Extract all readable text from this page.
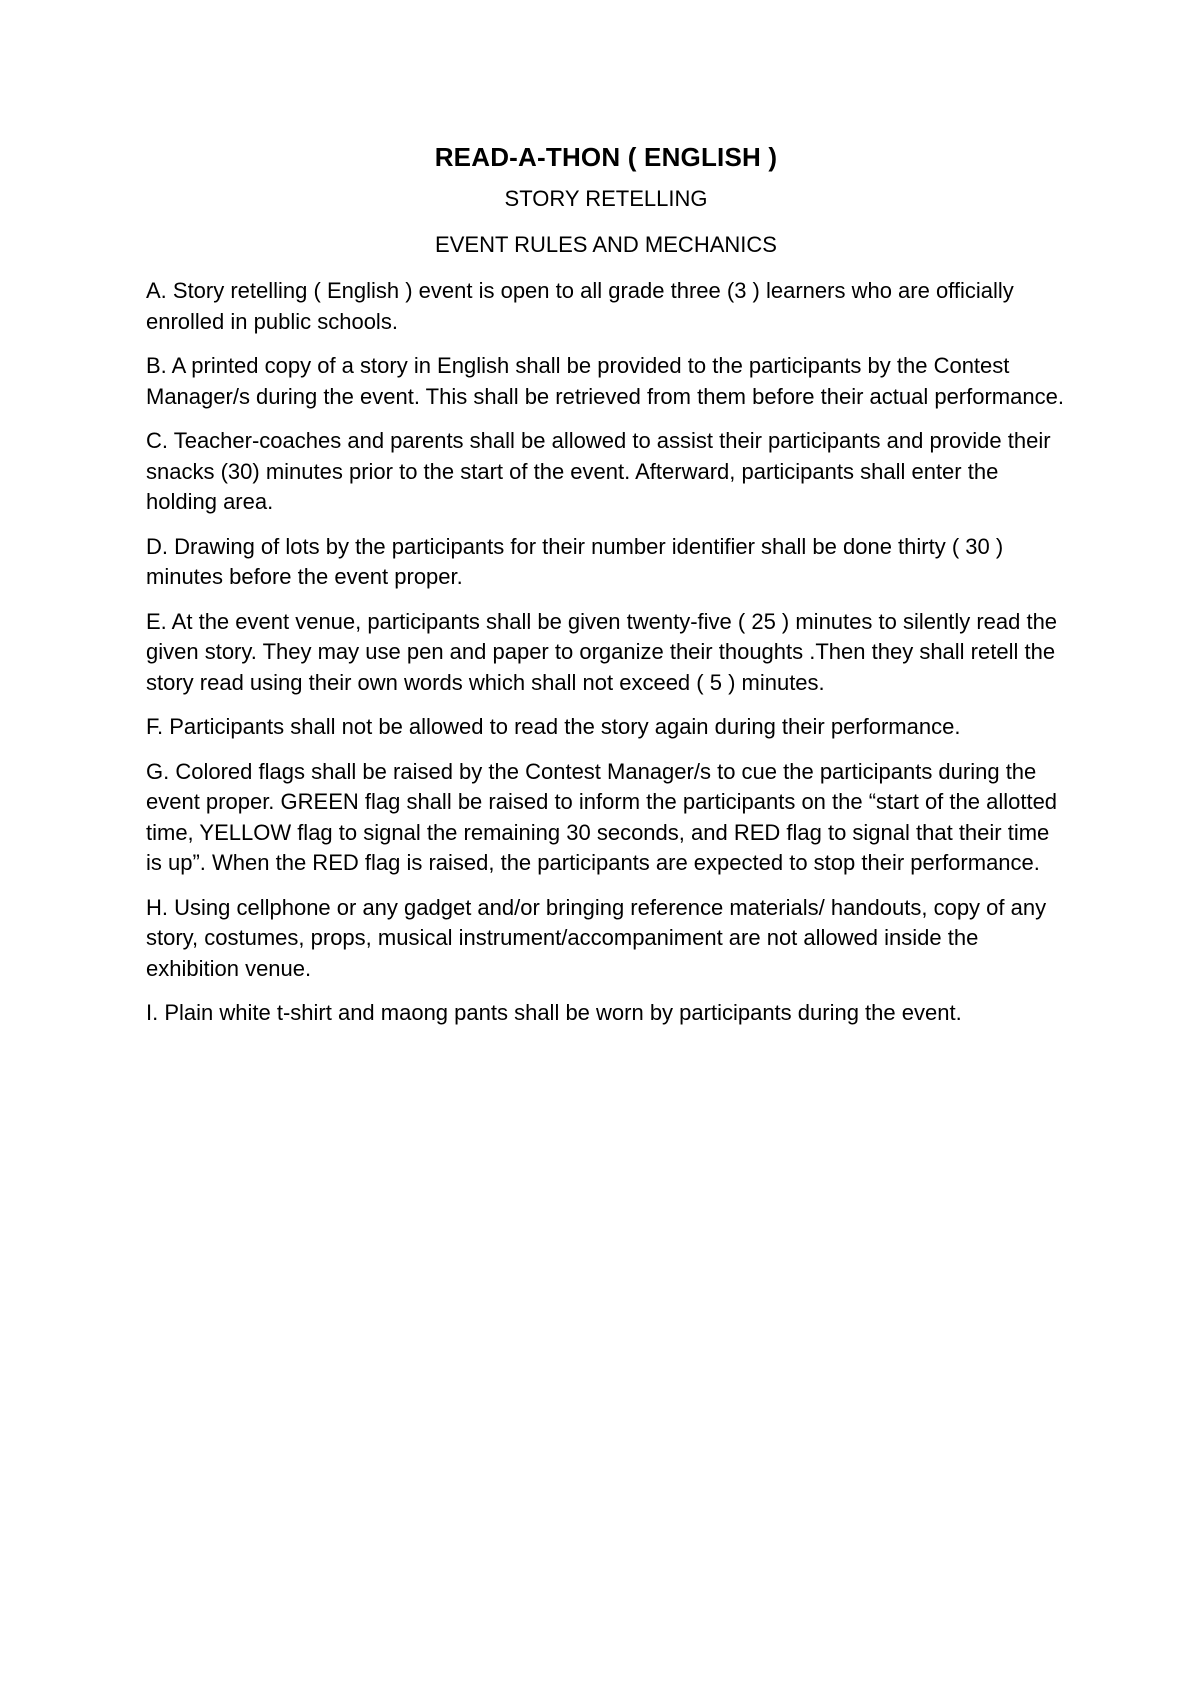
READ-A-THON ( ENGLISH )
STORY RETELLING
EVENT RULES AND MECHANICS
A. Story retelling ( English ) event is open to all grade three (3 ) learners who are officially enrolled in public schools.
B. A printed copy of a story in English shall be provided to the participants by the Contest Manager/s during the event. This shall be retrieved from them before their actual performance.
C. Teacher-coaches and parents shall be allowed to assist their participants and provide their snacks (30) minutes prior to the start of the event. Afterward, participants shall enter the holding area.
D. Drawing of lots by the participants for their number identifier shall be done thirty ( 30 ) minutes before the event proper.
E. At the event venue, participants shall be given twenty-five ( 25 ) minutes to silently read the given story. They may use pen and paper to organize their thoughts .Then they shall retell the story read using their own words which shall not exceed ( 5 ) minutes.
F. Participants shall not be allowed to read the story again during their performance.
G. Colored flags shall be raised by the Contest Manager/s to cue the participants during the event proper. GREEN flag shall be raised to inform the participants on the “start of the allotted time, YELLOW flag to signal the remaining 30 seconds, and RED flag to signal that their time is up”. When the RED flag is raised, the participants are expected to stop their performance.
H. Using cellphone or any gadget and/or bringing reference materials/ handouts, copy of any story, costumes, props, musical instrument/accompaniment are not allowed inside the exhibition venue.
I. Plain white t-shirt and maong pants shall be worn by participants during the event.
